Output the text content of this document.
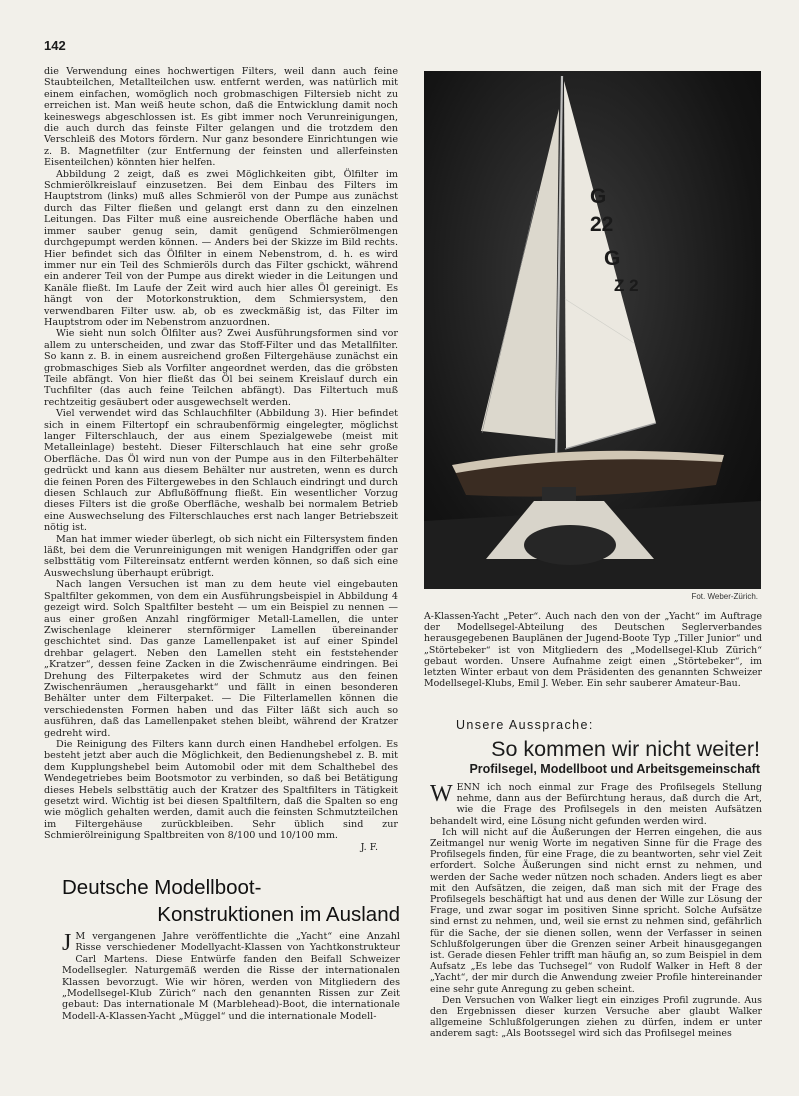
142

die Verwendung eines hochwertigen Filters, weil dann auch feine Staubteilchen, Metallteilchen usw. entfernt werden, was natürlich mit einem einfachen, womöglich noch grobmaschigen Filtersieb nicht zu erreichen ist. Man weiß heute schon, daß die Entwicklung damit noch keineswegs abgeschlossen ist. Es gibt immer noch Verunreinigungen, die auch durch das feinste Filter gelangen und die trotzdem den Verschleiß des Motors fördern. Nur ganz besondere Einrichtungen wie z. B. Magnetfilter (zur Entfernung der feinsten und allerfeinsten Eisenteilchen) könnten hier helfen.

Abbildung 2 zeigt, daß es zwei Möglichkeiten gibt, Ölfilter im Schmierölkreislauf einzusetzen. Bei dem Einbau des Filters im Hauptstrom (links) muß alles Schmieröl von der Pumpe aus zunächst durch das Filter fließen und gelangt erst dann zu den einzelnen Leitungen. Das Filter muß eine ausreichende Oberfläche haben und immer sauber genug sein, damit genügend Schmierölmengen durchgepumpt werden können. — Anders bei der Skizze im Bild rechts. Hier befindet sich das Ölfilter in einem Nebenstrom, d. h. es wird immer nur ein Teil des Schmieröls durch das Filter gschickt, während ein anderer Teil von der Pumpe aus direkt wieder in die Leitungen und Kanäle fließt. Im Laufe der Zeit wird auch hier alles Öl gereinigt. Es hängt von der Motorkonstruktion, dem Schmiersystem, den verwendbaren Filter usw. ab, ob es zweckmäßig ist, das Filter im Hauptstrom oder im Nebenstrom anzuordnen.

Wie sieht nun solch Ölfilter aus? Zwei Ausführungsformen sind vor allem zu unterscheiden, und zwar das Stoff-Filter und das Metallfilter. So kann z. B. in einem ausreichend großen Filtergehäuse zunächst ein grobmaschiges Sieb als Vorfilter angeordnet werden, das die gröbsten Teile abfängt. Von hier fließt das Öl bei seinem Kreislauf durch ein Tuchfilter (das auch feine Teilchen abfängt). Das Filtertuch muß rechtzeitig gesäubert oder ausgewechselt werden.

Viel verwendet wird das Schlauchfilter (Abbildung 3). Hier befindet sich in einem Filtertopf ein schraubenförmig eingelegter, möglichst langer Filterschlauch, der aus einem Spezialgewebe (meist mit Metalleinlage) besteht. Dieser Filterschlauch hat eine sehr große Oberfläche. Das Öl wird nun von der Pumpe aus in den Filterbehälter gedrückt und kann aus diesem Behälter nur austreten, wenn es durch die feinen Poren des Filtergewebes in den Schlauch eindringt und durch diesen Schlauch zur Abflußöffnung fließt. Ein wesentlicher Vorzug dieses Filters ist die große Oberfläche, weshalb bei normalem Betrieb eine Auswechselung des Filterschlauches erst nach langer Betriebszeit nötig ist.

Man hat immer wieder überlegt, ob sich nicht ein Filtersystem finden läßt, bei dem die Verunreinigungen mit wenigen Handgriffen oder gar selbsttätig vom Filtereinsatz entfernt werden können, so daß sich eine Auswechslung überhaupt erübrigt.

Nach langen Versuchen ist man zu dem heute viel eingebauten Spaltfilter gekommen, von dem ein Ausführungsbeispiel in Abbildung 4 gezeigt wird. Solch Spaltfilter besteht — um ein Beispiel zu nennen — aus einer großen Anzahl ringförmiger Metall-Lamellen, die unter Zwischenlage kleinerer sternförmiger Lamellen übereinander geschichtet sind. Das ganze Lamellenpaket ist auf einer Spindel drehbar gelagert. Neben den Lamellen steht ein feststehender „Kratzer“, dessen feine Zacken in die Zwischenräume eindringen. Bei Drehung des Filterpaketes wird der Schmutz aus den feinen Zwischenräumen „herausgeharkt“ und fällt in einen besonderen Behälter unter dem Filterpaket. — Die Filterlamellen können die verschiedensten Formen haben und das Filter läßt sich auch so ausführen, daß das Lamellenpaket stehen bleibt, während der Kratzer gedreht wird.

Die Reinigung des Filters kann durch einen Handhebel erfolgen. Es besteht jetzt aber auch die Möglichkeit, den Bedienungshebel z. B. mit dem Kupplungshebel beim Automobil oder mit dem Schalthebel des Wendegetriebes beim Bootsmotor zu verbinden, so daß bei Betätigung dieses Hebels selbsttätig auch der Kratzer des Spaltfilters in Tätigkeit gesetzt wird. Wichtig ist bei diesen Spaltfiltern, daß die Spalten so eng wie möglich gehalten werden, damit auch die feinsten Schmutzteilchen im Filtergehäuse zurückbleiben. Sehr üblich sind zur Schmierölreinigung Spaltbreiten von 8/100 und 10/100 mm.

J. F.
Deutsche Modellboot-
Konstruktionen im Ausland

J M vergangenen Jahre veröffentlichte die „Yacht“ eine Anzahl Risse verschiedener Modellyacht-Klassen von Yachtkonstrukteur Carl Martens. Diese Entwürfe fanden den Beifall Schweizer Modellsegler. Naturgemäß werden die Risse der internationalen Klassen bevorzugt. Wie wir hören, werden von Mitgliedern des „Modellsegel-Klub Zürich“ nach den genannten Rissen zur Zeit gebaut: Das internationale M (Marblehead)-Boot, die internationale Modell-A-Klassen-Yacht „Müggel“ und die internationale Modell-

G
22
G
Z 2
Fot. Weber-Zürich.

A-Klassen-Yacht „Peter“. Auch nach den von der „Yacht“ im Auftrage der Modellsegel-Abteilung des Deutschen Seglerverbandes herausgegebenen Bauplänen der Jugend-Boote Typ „Tiller Junior“ und „Störtebeker“ ist von Mitgliedern des „Modellsegel-Klub Zürich“ gebaut worden. Unsere Aufnahme zeigt einen „Störtebeker“, im letzten Winter erbaut von dem Präsidenten des genannten Schweizer Modellsegel-Klubs, Emil J. Weber. Ein sehr sauberer Amateur-Bau.

Unsere Aussprache:
So kommen wir nicht weiter!
Profilsegel, Modellboot und Arbeitsgemeinschaft

WENN ich noch einmal zur Frage des Profilsegels Stellung nehme, dann aus der Befürchtung heraus, daß durch die Art, wie die Frage des Profilsegels in den meisten Aufsätzen behandelt wird, eine Lösung nicht gefunden werden wird.

Ich will nicht auf die Äußerungen der Herren eingehen, die aus Zeitmangel nur wenig Worte im negativen Sinne für die Frage des Profilsegels finden, für eine Frage, die zu beantworten, sehr viel Zeit erfordert. Solche Äußerungen sind nicht ernst zu nehmen, und werden der Sache weder nützen noch schaden. Anders liegt es aber mit den Aufsätzen, die zeigen, daß man sich mit der Frage des Profilsegels beschäftigt hat und aus denen der Wille zur Lösung der Frage, und zwar sogar im positiven Sinne spricht. Solche Aufsätze sind ernst zu nehmen, und, weil sie ernst zu nehmen sind, gefährlich für die Sache, der sie dienen sollen, wenn der Verfasser in seinen Schlußfolgerungen über die Grenzen seiner Arbeit hinausgegangen ist. Gerade diesen Fehler trifft man häufig an, so zum Beispiel in dem Aufsatz „Es lebe das Tuchsegel“ von Rudolf Walker in Heft 8 der „Yacht“, der mir durch die Anwendung zweier Profile hintereinander eine sehr gute Anregung zu geben scheint.

Den Versuchen von Walker liegt ein einziges Profil zugrunde. Aus den Ergebnissen dieser kurzen Versuche aber glaubt Walker allgemeine Schlußfolgerungen ziehen zu dürfen, indem er unter anderem sagt: „Als Bootssegel wird sich das Profilsegel meines
